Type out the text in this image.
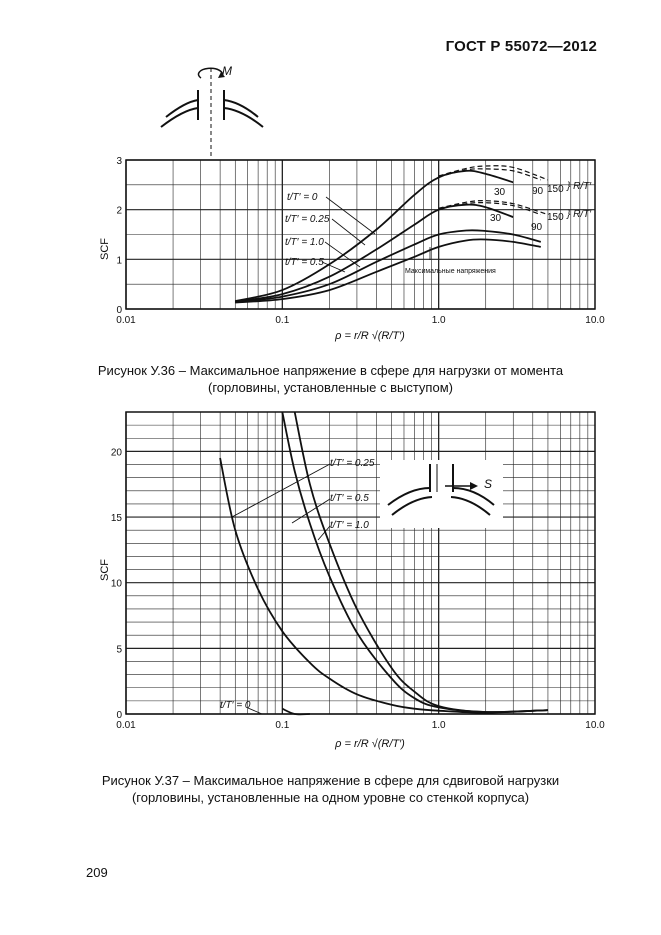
ГОСТ Р 55072—2012
M
SCF
0.01	0.1	1.0	10.0
0
1
2
3
t/T′ = 0
t/T′ = 0.25
t/T′ = 1.0
t/T′ = 0.5
30	90 150
30
90
150
} R/T′
} R/T′
Максимальные напряжения
ρ = r/R √(R/T′)
Рисунок У.36 – Максимальное напряжение в сфере для нагрузки от момента
(горловины, установленные с выступом)
SCF
0.01	0.1	1.0	10.0
0
5
10
15
20
t/T′ = 0.25
t/T′ = 0.5
t/T′ = 1.0
t/T′ = 0
S
ρ = r/R √(R/T′)
Рисунок У.37 – Максимальное напряжение в сфере для сдвиговой нагрузки
(горловины, установленные на одном уровне со стенкой корпуса)
209
